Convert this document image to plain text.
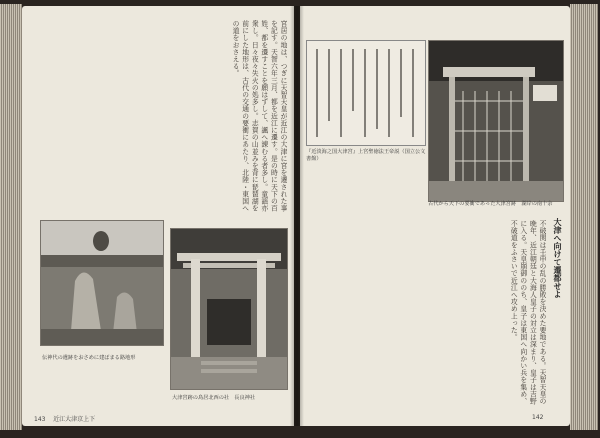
宮居の地は、つぎに天智天皇が近江の大津に宮を遷された事を記す。天智六年三月、都を近江に遷す。是の時に天下の百姓、都を遷すことを願はずして、諷へ諌むる者多し。童謡亦衆し。日々夜々失火の処多し。志賀の山並みを背に琵琶湖を前にした地形は、古代の交通の要衝にあたり、北陸・東国への道をおさえる。
伝神代の遺跡をおさめに建ばまる路地形
大津宮跡の鳥居北西の社　長良神社
143 近江大津京上下
『近淡海之国大津宮』上宮聖徳法王帝説（国立公文書館）
古代から天下の要衝であった大津宮跡　湖岸の南十余
大津へ向けて遷都せよ
不破関は壬申の乱の勝敗を決めた要地である。天智天皇の晩年、近江朝廷と大海人皇子の対立は深まり、皇子は吉野に入る。天皇崩御ののち、皇子は東国へ向かい兵を集め、不破道をふさいで近江へ攻め上った。
142
